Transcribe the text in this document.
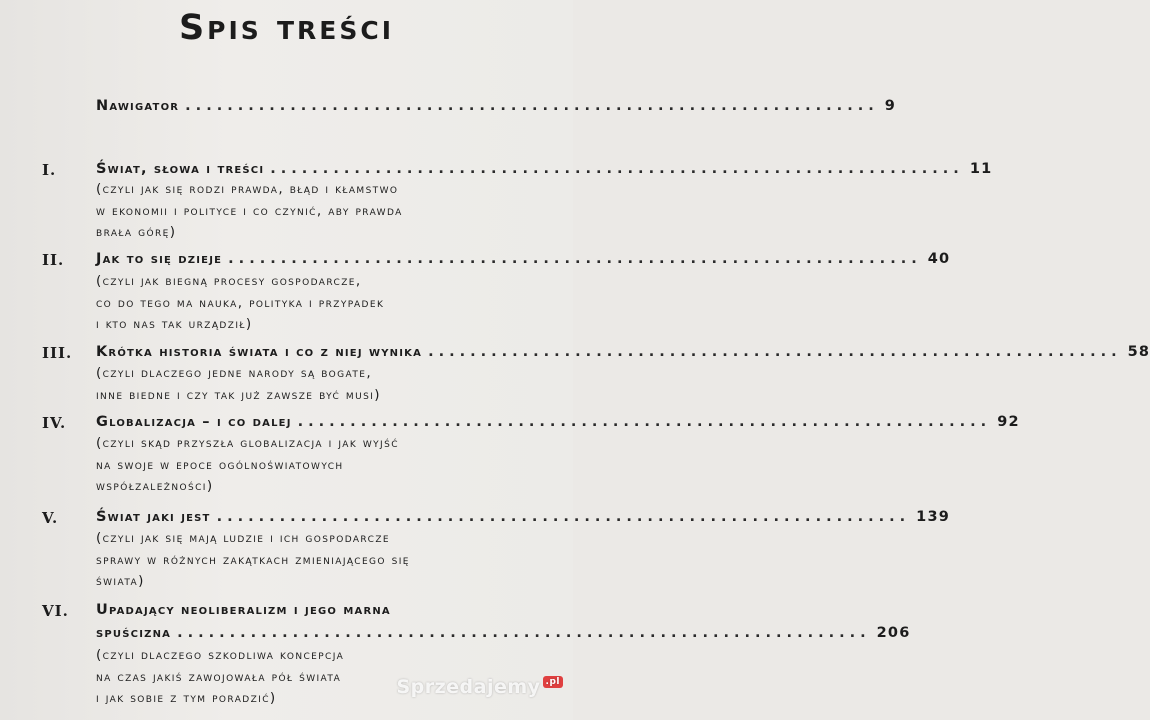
Spis treści
Nawigator .................................................................. 9
I.	Świat, słowa i treści .................................................................. 11
(czyli jak się rodzi prawda, błąd i kłamstwo
w ekonomii i polityce i co czynić, aby prawda
brała górę)
II. Jak to się dzieje .................................................................. 40
(czyli jak biegną procesy gospodarcze,
co do tego ma nauka, polityka i przypadek
i kto nas tak urządził)
III. Krótka historia świata i co z niej wynika .................................................................. 58
(czyli dlaczego jedne narody są bogate,
inne biedne i czy tak już zawsze być musi)
IV. Globalizacja – i co dalej .................................................................. 92
(czyli skąd przyszła globalizacja i jak wyjść
na swoje w epoce ogólnoświatowych
współzależności)
V.	Świat jaki jest .................................................................. 139
(czyli jak się mają ludzie i ich gospodarcze
sprawy w różnych zakątkach zmieniającego się
świata)
VI. Upadający neoliberalizm i jego marna
spuścizna .................................................................. 206
(czyli dlaczego szkodliwa koncepcja
na czas jakiś zawojowała pół świata
i jak sobie z tym poradzić)	Sprzedajemy .pl
